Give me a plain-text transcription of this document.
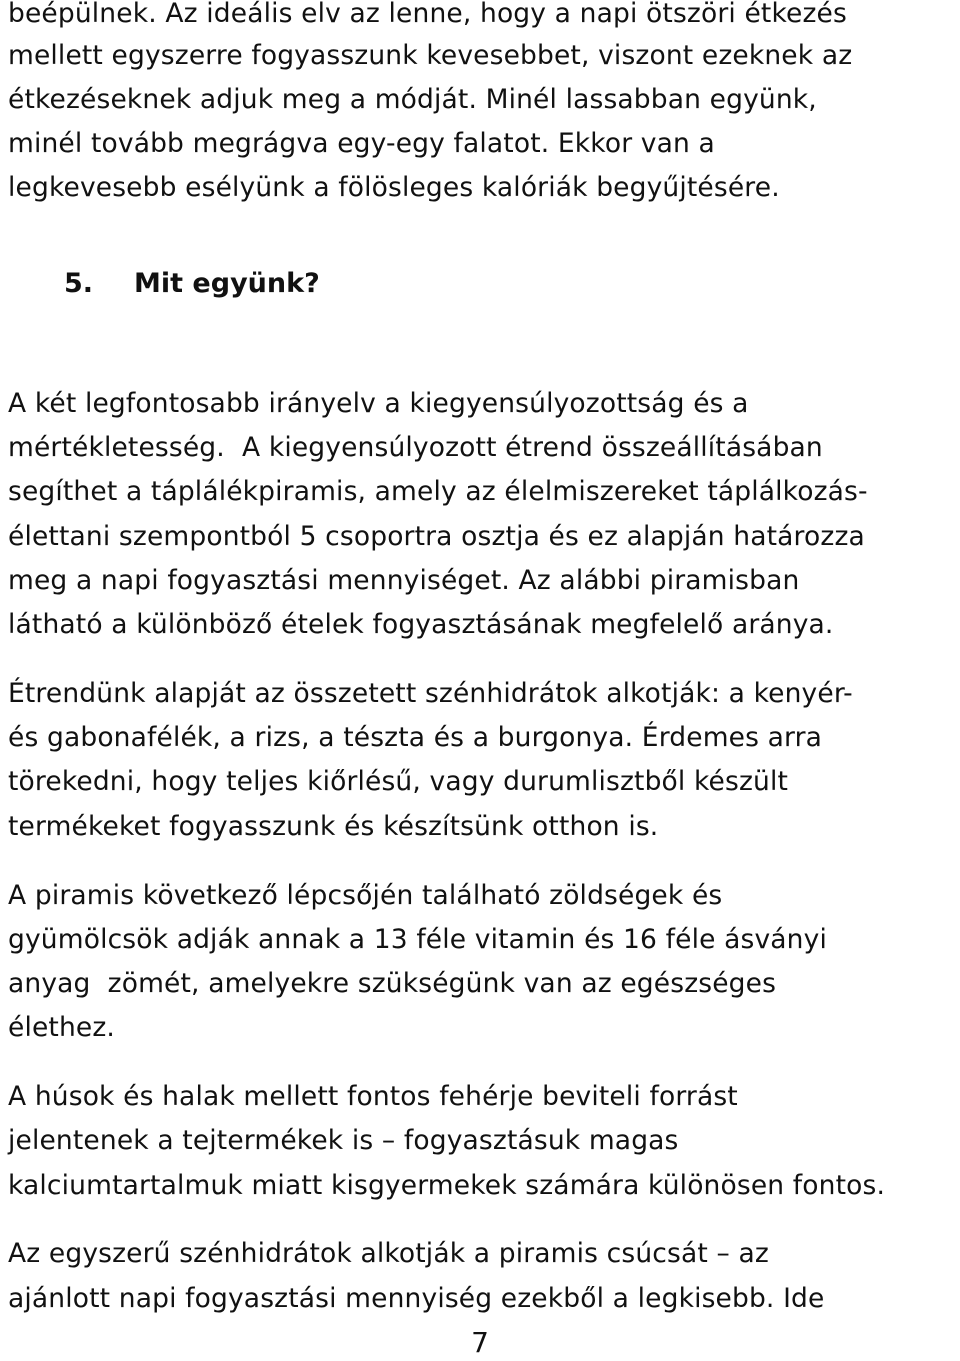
beépülnek. Az ideális elv az lenne, hogy a napi ötszöri étkezés
mellett egyszerre fogyasszunk kevesebbet, viszont ezeknek az
étkezéseknek adjuk meg a módját. Minél lassabban együnk,
minél tovább megrágva egy-egy falatot. Ekkor van a
legkevesebb esélyünk a fölösleges kalóriák begyűjtésére.
5. Mit együnk?
A két legfontosabb irányelv a kiegyensúlyozottság és a
mértékletesség.  A kiegyensúlyozott étrend összeállításában
segíthet a táplálékpiramis, amely az élelmiszereket táplálkozás-
élettani szempontból 5 csoportra osztja és ez alapján határozza
meg a napi fogyasztási mennyiséget. Az alábbi piramisban
látható a különböző ételek fogyasztásának megfelelő aránya.
Étrendünk alapját az összetett szénhidrátok alkotják: a kenyér-
és gabonafélék, a rizs, a tészta és a burgonya. Érdemes arra
törekedni, hogy teljes kiőrlésű, vagy durumlisztből készült
termékeket fogyasszunk és készítsünk otthon is.
A piramis következő lépcsőjén található zöldségek és
gyümölcsök adják annak a 13 féle vitamin és 16 féle ásványi
anyag  zömét, amelyekre szükségünk van az egészséges
élethez.
A húsok és halak mellett fontos fehérje beviteli forrást
jelentenek a tejtermékek is – fogyasztásuk magas
kalciumtartalmuk miatt kisgyermekek számára különösen fontos.
Az egyszerű szénhidrátok alkotják a piramis csúcsát – az
ajánlott napi fogyasztási mennyiség ezekből a legkisebb. Ide
7
